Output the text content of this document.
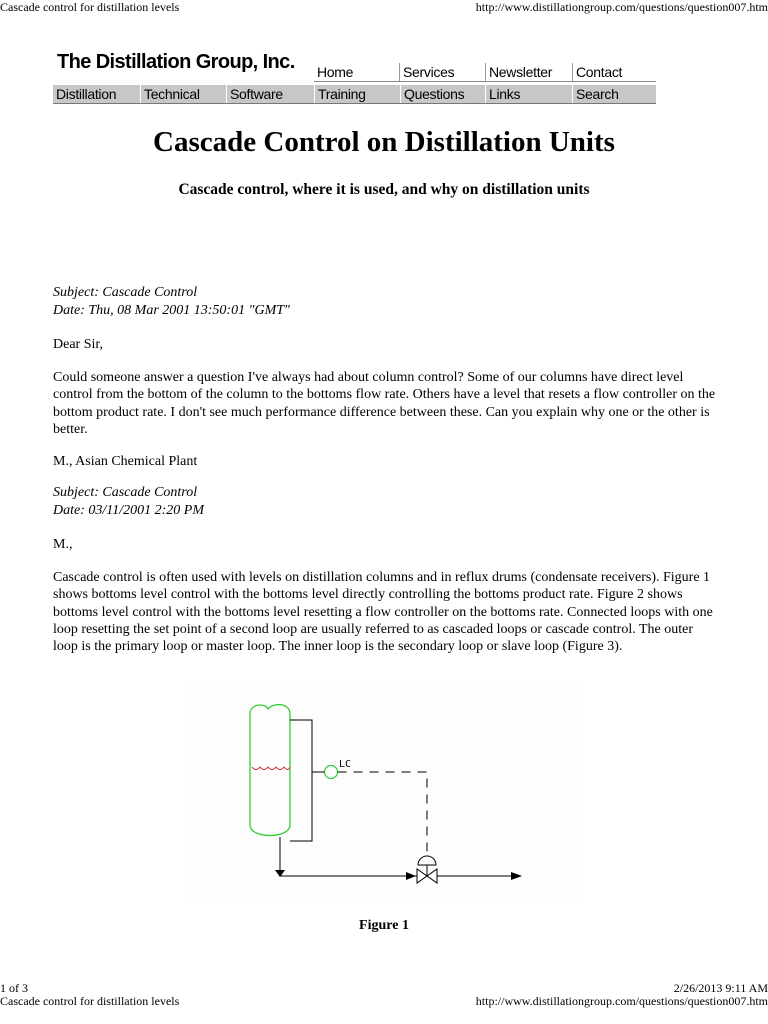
Cascade control for distillation levels	http://www.distillationgroup.com/questions/question007.htm
The Distillation Group, Inc. Home	Services	Newsletter	Contact
Distillation	Technical	Software	Training	Questions	Links	Search
Cascade Control on Distillation Units
Cascade control, where it is used, and why on distillation units
Subject: Cascade Control
Date: Thu, 08 Mar 2001 13:50:01 "GMT"
Dear Sir,
Could someone answer a question I've always had about column control? Some of our columns have direct level control from the bottom of the column to the bottoms flow rate. Others have a level that resets a flow controller on the bottom product rate. I don't see much performance difference between these. Can you explain why one or the other is better.
M., Asian Chemical Plant
Subject: Cascade Control
Date: 03/11/2001 2:20 PM
M.,
Cascade control is often used with levels on distillation columns and in reflux drums (condensate receivers). Figure 1 shows bottoms level control with the bottoms level directly controlling the bottoms product rate. Figure 2 shows bottoms level control with the bottoms level resetting a flow controller on the bottoms rate. Connected loops with one loop resetting the set point of a second loop are usually referred to as cascaded loops or cascade control. The outer loop is the primary loop or master loop. The inner loop is the secondary loop or slave loop (Figure 3).
LC
Figure 1
1 of 3	2/26/2013 9:11 AM
Cascade control for distillation levels	http://www.distillationgroup.com/questions/question007.htm
